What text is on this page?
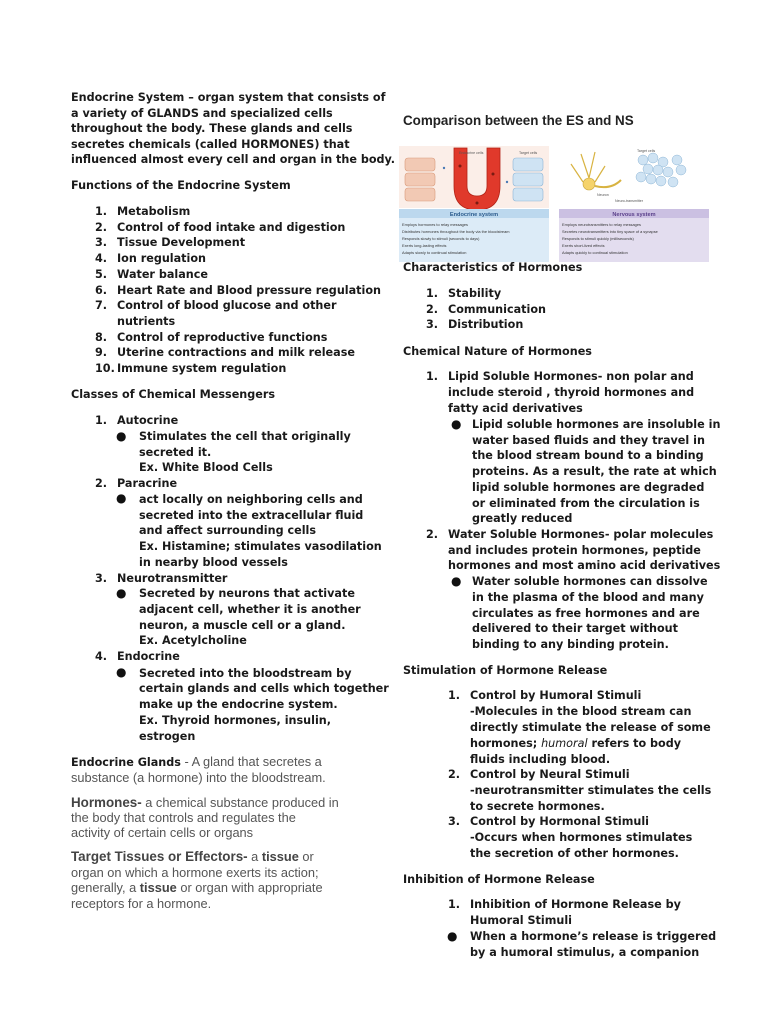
Endocrine System – organ system that consists of
a variety of GLANDS and specialized cells
throughout the body. These glands and cells
secretes chemicals (called HORMONES) that
influenced almost every cell and organ in the body.
Functions of the Endocrine System
1. Metabolism
2. Control of food intake and digestion
3. Tissue Development
4. Ion regulation
5. Water balance
6. Heart Rate and Blood pressure regulation
7. Control of blood glucose and other
nutrients
8. Control of reproductive functions
9. Uterine contractions and milk release
10. Immune system regulation
Classes of Chemical Messengers
1. Autocrine
● Stimulates the cell that originally
secreted it.
Ex. White Blood Cells
2. Paracrine
● act locally on neighboring cells and
secreted into the extracellular fluid
and affect surrounding cells
Ex. Histamine; stimulates vasodilation
in nearby blood vessels
3. Neurotransmitter
● Secreted by neurons that activate
adjacent cell, whether it is another
neuron, a muscle cell or a gland.
Ex. Acetylcholine
4. Endocrine
● Secreted into the bloodstream by
certain glands and cells which together
make up the endocrine system.
Ex. Thyroid hormones, insulin,
estrogen
Endocrine Glands - A gland that secretes a
substance (a hormone) into the bloodstream.
Hormones- a chemical substance produced in
the body that controls and regulates the
activity of certain cells or organs
Target Tissues or Effectors- a tissue or
organ on which a hormone exerts its action;
generally, a tissue or organ with appropriate
receptors for a hormone.
Comparison between the ES and NS
Endocrine cells	Target cells	Target cells
Neuron
Neuro-transmitter
Endocrine system
Employs hormones to relay messages
Distributes hormones throughout the body via the bloodstream
Responds slowly to stimuli (seconds to days)
Exerts long-lasting effects
Adapts slowly to continual stimulation
Nervous system
Employs neurotransmitters to relay messages
Secretes neurotransmitters into tiny space of a synapse
Responds to stimuli quickly (milliseconds)
Exerts short-lived effects
Adapts quickly to continual stimulation
Characteristics of Hormones
1. Stability
2. Communication
3. Distribution
Chemical Nature of Hormones
1. Lipid Soluble Hormones- non polar and
include steroid , thyroid hormones and
fatty acid derivatives
● Lipid soluble hormones are insoluble in
water based fluids and they travel in
the blood stream bound to a binding
proteins. As a result, the rate at which
lipid soluble hormones are degraded
or eliminated from the circulation is
greatly reduced
2. Water Soluble Hormones- polar molecules
and includes protein hormones, peptide
hormones and most amino acid derivatives
● Water soluble hormones can dissolve
in the plasma of the blood and many
circulates as free hormones and are
delivered to their target without
binding to any binding protein.
Stimulation of Hormone Release
1. Control by Humoral Stimuli
-Molecules in the blood stream can
directly stimulate the release of some
hormones; humoral refers to body
fluids including blood.
2. Control by Neural Stimuli
-neurotransmitter stimulates the cells
to secrete hormones.
3. Control by Hormonal Stimuli
-Occurs when hormones stimulates
the secretion of other hormones.
Inhibition of Hormone Release
1. Inhibition of Hormone Release by
Humoral Stimuli
● When a hormone’s release is triggered
by a humoral stimulus, a companion
